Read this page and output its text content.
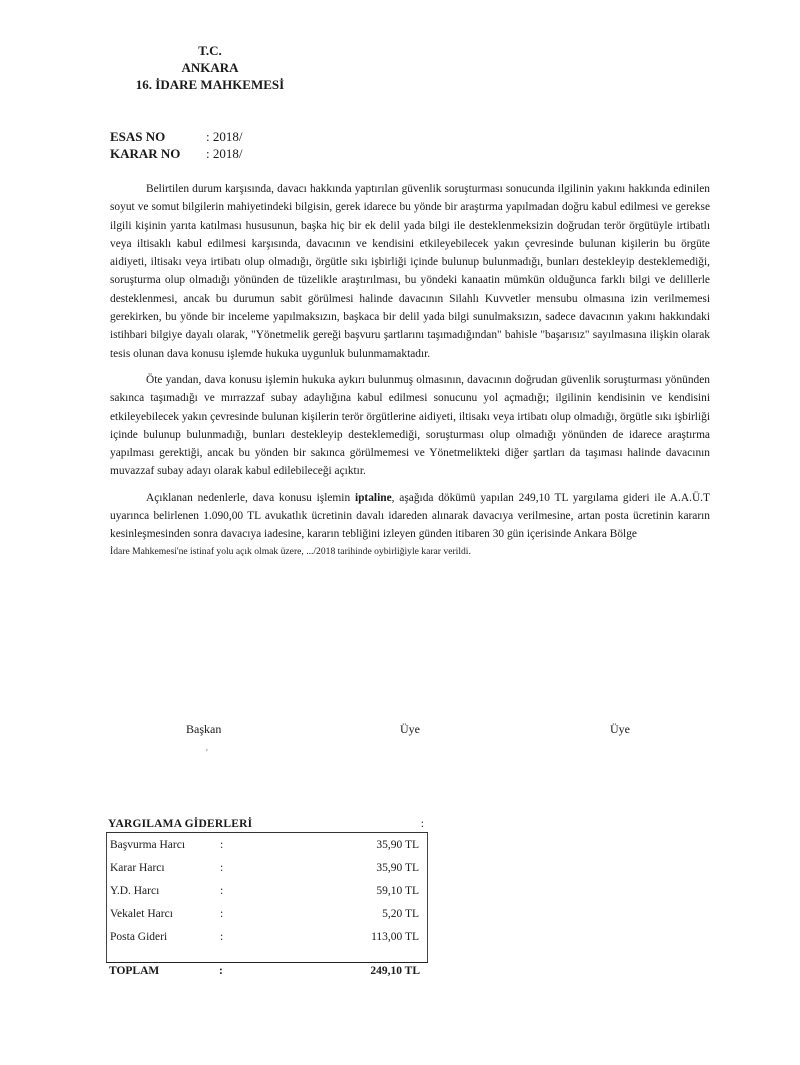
T.C.
ANKARA
16. İDARE MAHKEMESİ
ESAS NO	: 2018/
KARAR NO	: 2018/

Belirtilen durum karşısında, davacı hakkında yaptırılan güvenlik soruşturması sonucunda ilgilinin yakını hakkında edinilen soyut ve somut bilgilerin mahiyetindeki bilgisin, gerek idarece bu yönde bir araştırma yapılmadan doğru kabul edilmesi ve gerekse ilgili kişinin yarıta katılması hususunun, başka hiç bir ek delil yada bilgi ile desteklenmeksizin doğrudan terör örgütüyle irtibatlı veya iltisaklı kabul edilmesi karşısında, davacının ve kendisini etkileyebilecek yakın çevresinde bulunan kişilerin bu örgüte aidiyeti, iltisakı veya irtibatı olup olmadığı, örgütle sıkı işbirliği içinde bulunup bulunmadığı, bunları destekleyip desteklemediği, soruşturma olup olmadığı yönünden de tüzelikle araştırılması, bu yöndeki kanaatin mümkün olduğunca farklı bilgi ve delillerle desteklenmesi, ancak bu durumun sabit görülmesi halinde davacının Silahlı Kuvvetler mensubu olmasına izin verilmemesi gerekirken, bu yönde bir inceleme yapılmaksızın, başkaca bir delil yada bilgi sunulmaksızın, sadece davacının yakını hakkındaki istihbari bilgiye dayalı olarak, "Yönetmelik gereği başvuru şartlarını taşımadığından" bahisle "başarısız" sayılmasına ilişkin olarak tesis olunan dava konusu işlemde hukuka uygunluk bulunmamaktadır.

Öte yandan, dava konusu işlemin hukuka aykırı bulunmuş olmasının, davacının doğrudan güvenlik soruşturması yönünden sakınca taşımadığı ve mırrazzaf subay adaylığına kabul edilmesi sonucunu yol açmadığı; ilgilinin kendisinin ve kendisini etkileyebilecek yakın çevresinde bulunan kişilerin terör örgütlerine aidiyeti, iltisakı veya irtibatı olup olmadığı, örgütle sıkı işbirliği içinde bulunup bulunmadığı, bunları destekleyip desteklemediği, soruşturması olup olmadığı yönünden de idarece araştırma yapılması gerektiği, ancak bu yönden bir sakınca görülmemesi ve Yönetmelikteki diğer şartları da taşıması halinde davacının muvazzaf subay adayı olarak kabul edilebileceği açıktır.

Açıklanan nedenlerle, dava konusu işlemin iptaline, aşağıda dökümü yapılan 249,10 TL yargılama gideri ile A.A.Ü.T uyarınca belirlenen 1.090,00 TL avukatlık ücretinin davalı idareden alınarak davacıya verilmesine, artan posta ücretinin kararın kesinleşmesinden sonra davacıya iadesine, kararın tebliğini izleyen günden itibaren 30 gün içerisinde Ankara Bölge

İdare Mahkemesi'ne istinaf yolu açık olmak üzere, .../2018 tarihinde oybirliğiyle karar verildi.

Başkan	Üye	Üye
'
YARGILAMA GİDERLERİ	:
Başvurma Harcı	:	35,90 TL
Karar Harcı	:	35,90 TL
Y.D. Harcı	:	59,10 TL
Vekalet Harcı	:	5,20 TL
Posta Gideri	:	113,00 TL
TOPLAM	:	249,10 TL
